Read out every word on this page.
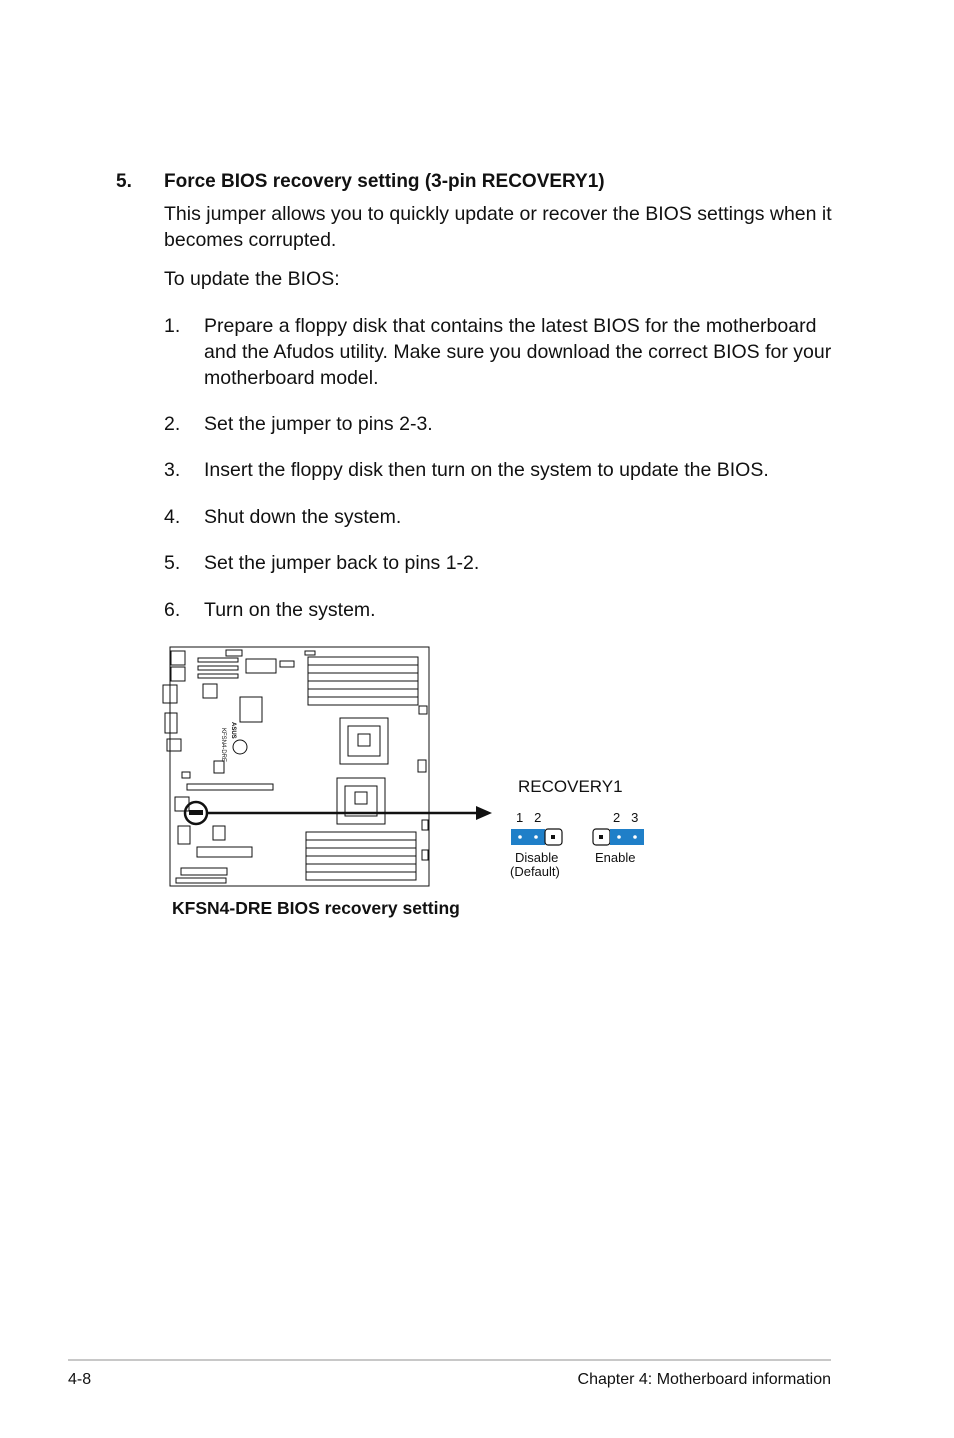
5. Force BIOS recovery setting (3-pin RECOVERY1)
This jumper allows you to quickly update or recover the BIOS settings when it
becomes corrupted.
To update the BIOS:
1. Prepare a floppy disk that contains the latest BIOS for the motherboard
and the Afudos utility. Make sure you download the correct BIOS for your
motherboard model.
2. Set the jumper to pins 2-3.
3. Insert the floppy disk then turn on the system to update the BIOS.
4. Shut down the system.
5. Set the jumper back to pins 1-2.
6. Turn on the system.
KFSN4-DRE ASUS
RECOVERY1
1   2	2   3
Disable
(Default)
Enable
KFSN4-DRE BIOS recovery setting
4-8	Chapter 4: Motherboard information
